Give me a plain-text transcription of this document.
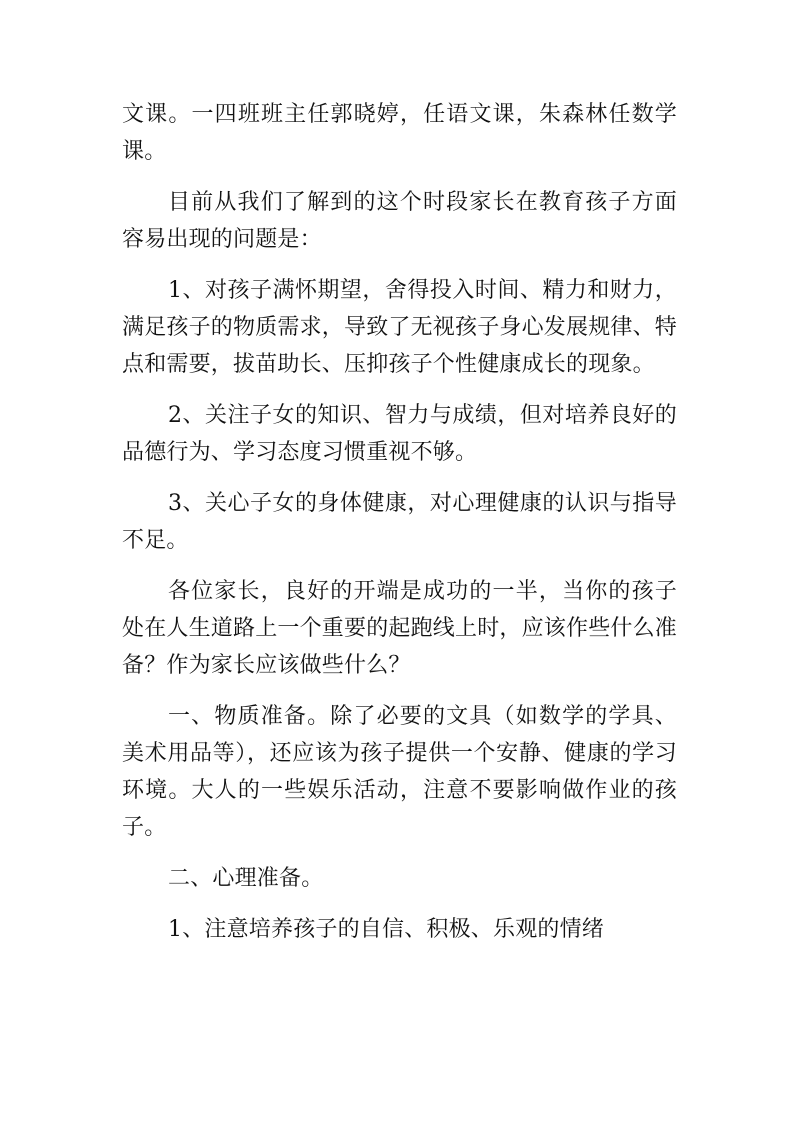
文课。一四班班主任郭晓婷，任语文课，朱森林任数学课。

目前从我们了解到的这个时段家长在教育孩子方面容易出现的问题是：

1、对孩子满怀期望，舍得投入时间、精力和财力，满足孩子的物质需求，导致了无视孩子身心发展规律、特点和需要，拔苗助长、压抑孩子个性健康成长的现象。

2、关注子女的知识、智力与成绩，但对培养良好的品德行为、学习态度习惯重视不够。

3、关心子女的身体健康，对心理健康的认识与指导不足。

各位家长，良好的开端是成功的一半，当你的孩子处在人生道路上一个重要的起跑线上时，应该作些什么准备？作为家长应该做些什么？

一、物质准备。除了必要的文具（如数学的学具、美术用品等），还应该为孩子提供一个安静、健康的学习环境。大人的一些娱乐活动，注意不要影响做作业的孩子。

二、心理准备。

1、注意培养孩子的自信、积极、乐观的情绪
